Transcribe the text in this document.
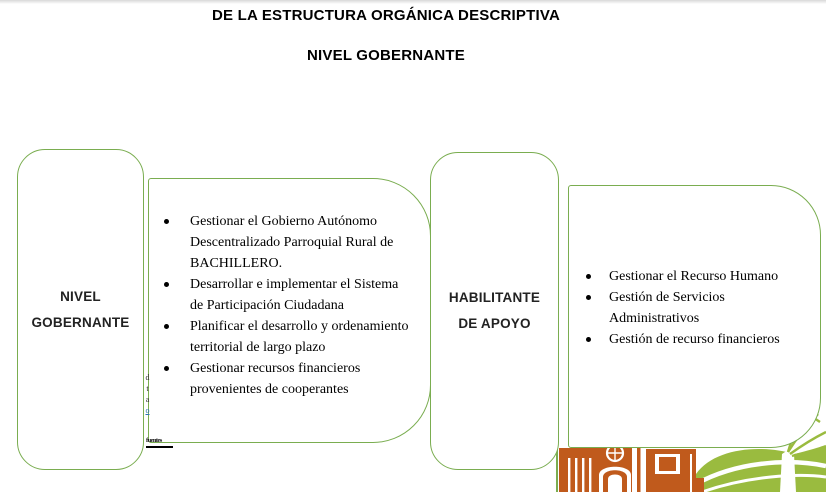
DE LA ESTRUCTURA ORGÁNICA DESCRIPTIVA
NIVEL GOBERNANTE
NIVEL GOBERNANTE
Gestionar el Gobierno Autónomo Descentralizado Parroquial Rural de BACHILLERO.
Desarrollar e implementar el Sistema de Participación Ciudadana
Planificar el desarrollo y ordenamiento territorial de largo plazo
Gestionar recursos financieros provenientes de cooperantes
HABILITANTE DE APOYO
Gestionar el Recurso Humano
Gestión de Servicios Administrativos
Gestión de recurso financieros
d
t
a
o
fuentes
